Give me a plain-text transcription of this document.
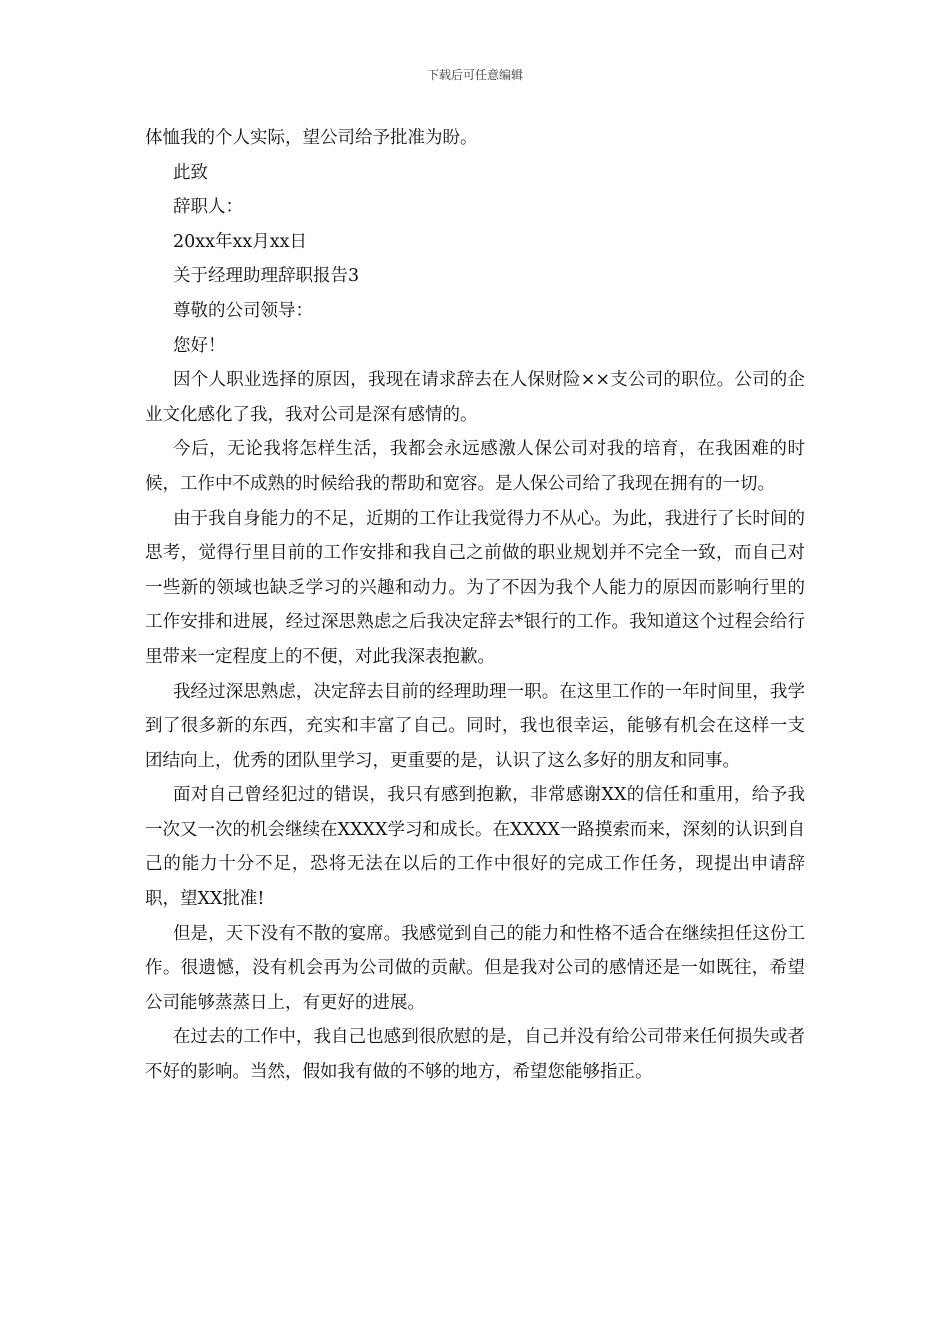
下载后可任意编辑

体恤我的个人实际，望公司给予批准为盼。

此致

辞职人：

20xx年xx月xx日

关于经理助理辞职报告3

尊敬的公司领导：

您好！

因个人职业选择的原因，我现在请求辞去在人保财险××支公司的职位。公司的企业文化感化了我，我对公司是深有感情的。

今后，无论我将怎样生活，我都会永远感激人保公司对我的培育，在我困难的时候，工作中不成熟的时候给我的帮助和宽容。是人保公司给了我现在拥有的一切。

由于我自身能力的不足，近期的工作让我觉得力不从心。为此，我进行了长时间的思考，觉得行里目前的工作安排和我自己之前做的职业规划并不完全一致，而自己对一些新的领域也缺乏学习的兴趣和动力。为了不因为我个人能力的原因而影响行里的工作安排和进展，经过深思熟虑之后我决定辞去*银行的工作。我知道这个过程会给行里带来一定程度上的不便，对此我深表抱歉。

我经过深思熟虑，决定辞去目前的经理助理一职。在这里工作的一年时间里，我学到了很多新的东西，充实和丰富了自己。同时，我也很幸运，能够有机会在这样一支团结向上，优秀的团队里学习，更重要的是，认识了这么多好的朋友和同事。

面对自己曾经犯过的错误，我只有感到抱歉，非常感谢XX的信任和重用，给予我一次又一次的机会继续在XXXX学习和成长。在XXXX一路摸索而来，深刻的认识到自己的能力十分不足，恐将无法在以后的工作中很好的完成工作任务，现提出申请辞职，望XX批准!

但是，天下没有不散的宴席。我感觉到自己的能力和性格不适合在继续担任这份工作。很遗憾，没有机会再为公司做的贡献。但是我对公司的感情还是一如既往，希望公司能够蒸蒸日上，有更好的进展。

在过去的工作中，我自己也感到很欣慰的是，自己并没有给公司带来任何损失或者不好的影响。当然，假如我有做的不够的地方，希望您能够指正。
